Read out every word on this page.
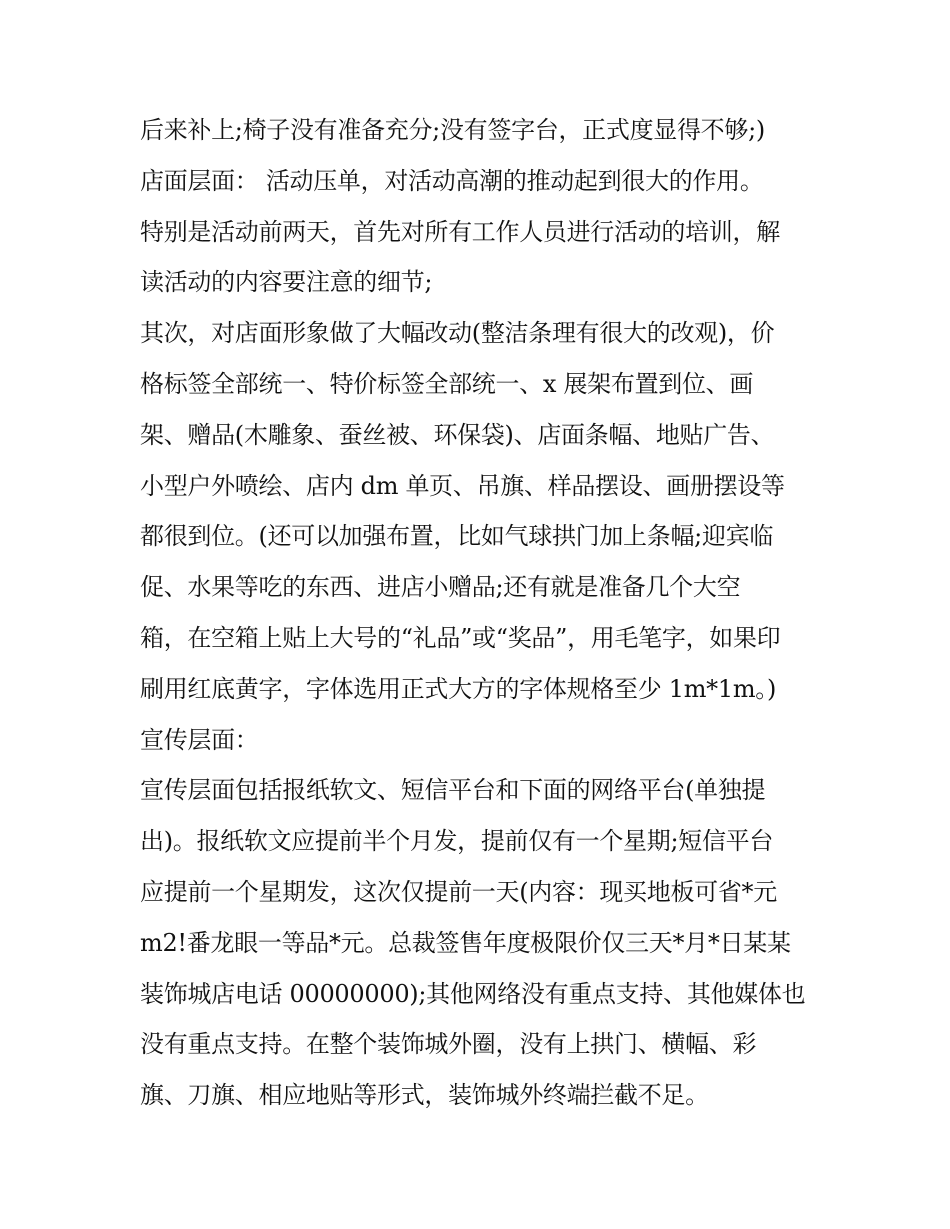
后来补上;椅子没有准备充分;没有签字台，正式度显得不够;)
店面层面： 活动压单，对活动高潮的推动起到很大的作用。
特别是活动前两天，首先对所有工作人员进行活动的培训，解
读活动的内容要注意的细节;
其次，对店面形象做了大幅改动(整洁条理有很大的改观)，价
格标签全部统一、特价标签全部统一、x 展架布置到位、画
架、赠品(木雕象、蚕丝被、环保袋)、店面条幅、地贴广告、
小型户外喷绘、店内 dm 单页、吊旗、样品摆设、画册摆设等
都很到位。(还可以加强布置，比如气球拱门加上条幅;迎宾临
促、水果等吃的东西、进店小赠品;还有就是准备几个大空
箱，在空箱上贴上大号的“礼品”或“奖品”，用毛笔字，如果印
刷用红底黄字，字体选用正式大方的字体规格至少 1m*1m。)
宣传层面：
宣传层面包括报纸软文、短信平台和下面的网络平台(单独提
出)。报纸软文应提前半个月发，提前仅有一个星期;短信平台
应提前一个星期发，这次仅提前一天(内容：现买地板可省*元
m2!番龙眼一等品*元。总裁签售年度极限价仅三天*月*日某某
装饰城店电话 00000000);其他网络没有重点支持、其他媒体也
没有重点支持。在整个装饰城外圈，没有上拱门、横幅、彩
旗、刀旗、相应地贴等形式，装饰城外终端拦截不足。
